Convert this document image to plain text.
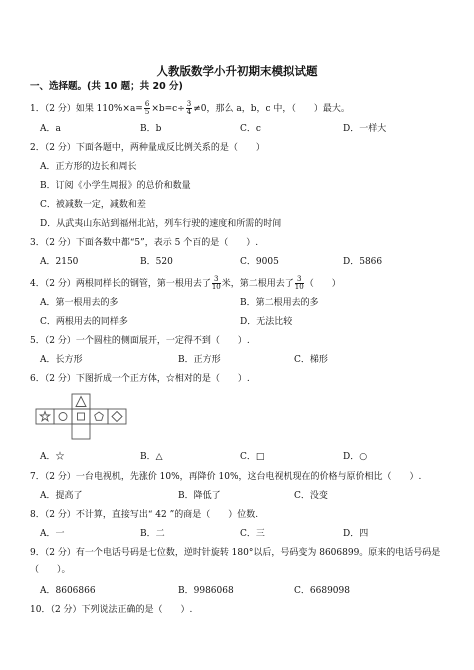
人教版数学小升初期末模拟试题
一、选择题。(共 10 题；共 20 分)
1．（2 分）如果 $110\%\times a= \frac{6}{5} \times b=c\div \frac{3}{4} \ne 0$，那么 a，b，c 中，（　　）最大。
A．a	B．b	C．c	D．一样大
2．（2 分）下面各题中，两种量成反比例关系的是（　　）
A．正方形的边长和周长
B．订阅《小学生周报》的总价和数量
C．被减数一定，减数和差
D．从武夷山东站到福州北站，列车行驶的速度和所需的时间
3．（2 分）下面各数中都“5”，表示 5 个百的是（　　）.
A．2150	B．520	C．9005	D．5866
4．（2 分）两根同样长的钢管，第一根用去了 $\frac{3}{10}$ 米，第二根用去了 $\frac{3}{10}$ （　　）
A．第一根用去的多	B．第二根用去的多
C．两根用去的同样多	D．无法比较
5．（2 分）一个圆柱的侧面展开，一定得不到（　　）.
A．长方形	B．正方形	C．梯形
6．（2 分）下图折成一个正方体，☆相对的是（　　）.
A．☆	B．△	C．□	D．○
7．（2 分）一台电视机，先涨价 10%，再降价 10%，这台电视机现在的价格与原价相比（　　）.
A．提高了	B．降低了	C．没变
8．（2 分）不计算，直接写出“ 42 ”的商是（　　）位数.
A．一	B．二	C．三	D．四
9．（2 分）有一个电话号码是七位数，逆时针旋转 180°以后，号码变为 8606899。原来的电话号码是
（　　）。
A．8606866	B．9986068	C．6689098
10．（2 分）下列说法正确的是（　　）.
